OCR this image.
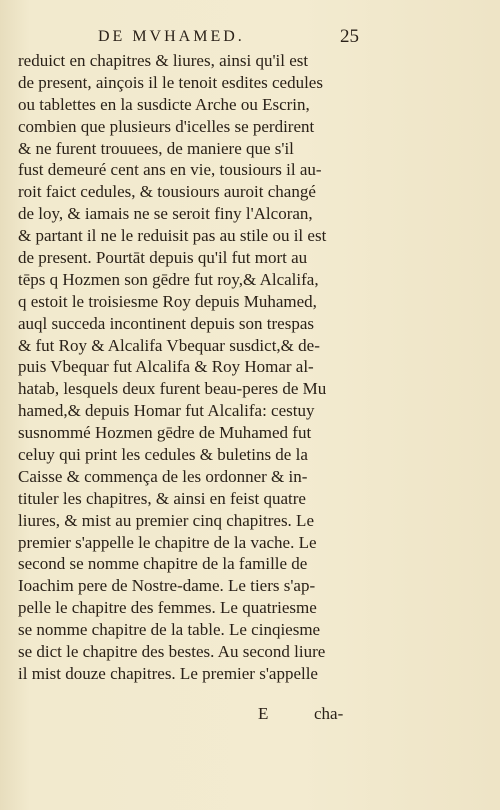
DE MVHAMED.	25
reduict en chapitres & liures, ainsi qu'il est
de present, ainçois il le tenoit esdites cedules
ou tablettes en la susdicte Arche ou Escrin,
combien que plusieurs d'icelles se perdirent
& ne furent trouuees, de maniere que s'il
fust demeuré cent ans en vie, tousiours il au-
roit faict cedules, & tousiours auroit changé
de loy, & iamais ne se seroit finy l'Alcoran,
& partant il ne le reduisit pas au stile ou il est
de present. Pourtāt depuis qu'il fut mort au
tēps q Hozmen son gēdre fut roy,& Alcalifa,
q estoit le troisiesme Roy depuis Muhamed,
auql succeda incontinent depuis son trespas
& fut Roy & Alcalifa Vbequar susdict,& de-
puis Vbequar fut Alcalifa & Roy Homar al-
hatab, lesquels deux furent beau-peres de Mu
hamed,& depuis Homar fut Alcalifa: cestuy
susnommé Hozmen gēdre de Muhamed fut
celuy qui print les cedules & buletins de la
Caisse & commença de les ordonner & in-
tituler les chapitres, & ainsi en feist quatre
liures, & mist au premier cinq chapitres. Le
premier s'appelle le chapitre de la vache. Le
second se nomme chapitre de la famille de
Ioachim pere de Nostre-dame. Le tiers s'ap-
pelle le chapitre des femmes. Le quatriesme
se nomme chapitre de la table. Le cinqiesme
se dict le chapitre des bestes. Au second liure
il mist douze chapitres. Le premier s'appelle
E	cha-
